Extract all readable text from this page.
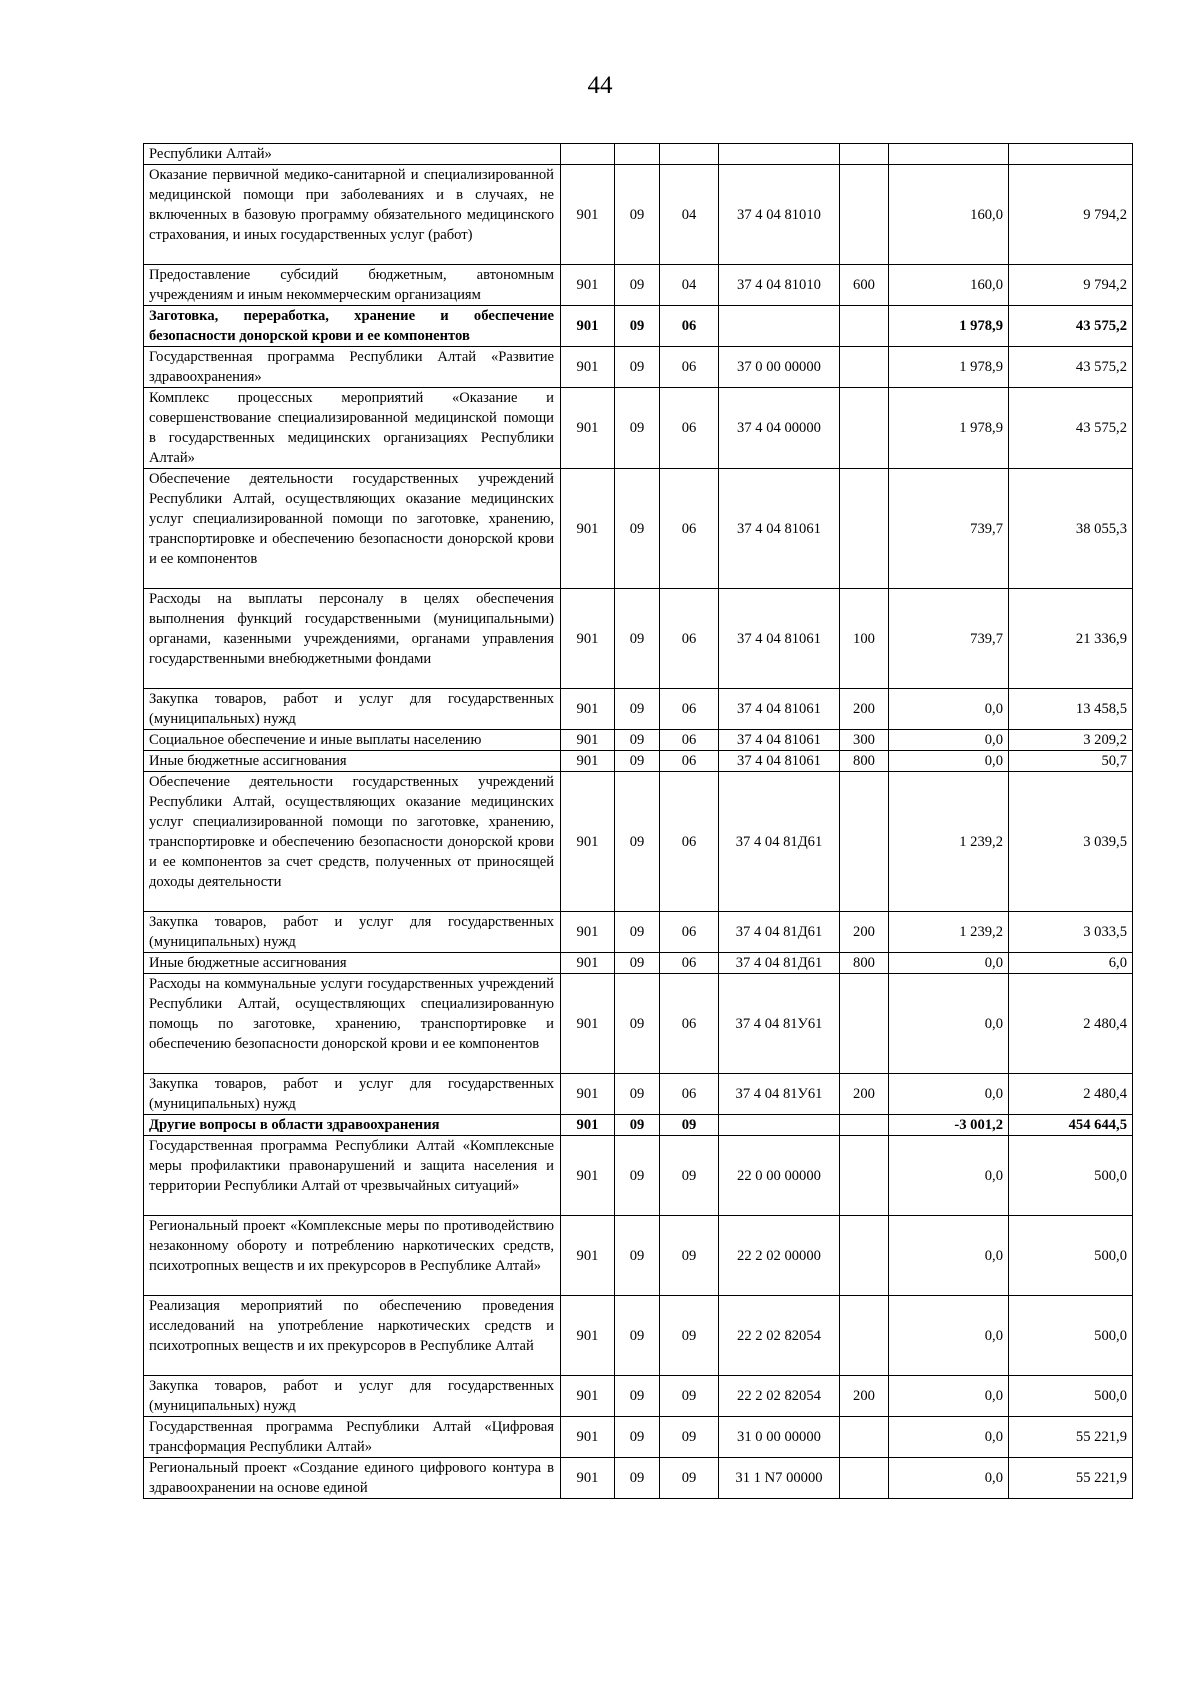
44
Республики Алтай»							
Оказание первичной медико-санитарной и специализированной медицинской помощи при заболеваниях и в случаях, не включенных в базовую программу обязательного медицинского страхования, и иных государственных услуг (работ)	901	09	04	37 4 04 81010		160,0	9 794,2
Предоставление субсидий бюджетным, автономным учреждениям и иным некоммерческим организациям	901	09	04	37 4 04 81010	600	160,0	9 794,2
Заготовка, переработка, хранение и обеспечение безопасности донорской крови и ее компонентов	901	09	06			1 978,9	43 575,2
Государственная программа Республики Алтай «Развитие здравоохранения»	901	09	06	37 0 00 00000		1 978,9	43 575,2
Комплекс процессных мероприятий «Оказание и совершенствование специализированной медицинской помощи в государственных медицинских организациях Республики Алтай»	901	09	06	37 4 04 00000		1 978,9	43 575,2
Обеспечение деятельности государственных учреждений Республики Алтай, осуществляющих оказание медицинских услуг специализированной помощи по заготовке, хранению, транспортировке и обеспечению безопасности донорской крови и ее компонентов	901	09	06	37 4 04 81061		739,7	38 055,3
Расходы на выплаты персоналу в целях обеспечения выполнения функций государственными (муниципальными) органами, казенными учреждениями, органами управления государственными внебюджетными фондами	901	09	06	37 4 04 81061	100	739,7	21 336,9
Закупка товаров, работ и услуг для государственных (муниципальных) нужд	901	09	06	37 4 04 81061	200	0,0	13 458,5
Социальное обеспечение и иные выплаты населению	901	09	06	37 4 04 81061	300	0,0	3 209,2
Иные бюджетные ассигнования	901	09	06	37 4 04 81061	800	0,0	50,7
Обеспечение деятельности государственных учреждений Республики Алтай, осуществляющих оказание медицинских услуг специализированной помощи по заготовке, хранению, транспортировке и обеспечению безопасности донорской крови и ее компонентов за счет средств, полученных от приносящей доходы деятельности	901	09	06	37 4 04 81Д61		1 239,2	3 039,5
Закупка товаров, работ и услуг для государственных (муниципальных) нужд	901	09	06	37 4 04 81Д61	200	1 239,2	3 033,5
Иные бюджетные ассигнования	901	09	06	37 4 04 81Д61	800	0,0	6,0
Расходы на коммунальные услуги государственных учреждений Республики Алтай, осуществляющих специализированную помощь по заготовке, хранению, транспортировке и обеспечению безопасности донорской крови и ее компонентов	901	09	06	37 4 04 81У61		0,0	2 480,4
Закупка товаров, работ и услуг для государственных (муниципальных) нужд	901	09	06	37 4 04 81У61	200	0,0	2 480,4
Другие вопросы в области здравоохранения	901	09	09			-3 001,2	454 644,5
Государственная программа Республики Алтай «Комплексные меры профилактики правонарушений и защита населения и территории Республики Алтай от чрезвычайных ситуаций»	901	09	09	22 0 00 00000		0,0	500,0
Региональный проект «Комплексные меры по противодействию незаконному обороту и потреблению наркотических средств, психотропных веществ и их прекурсоров в Республике Алтай»	901	09	09	22 2 02 00000		0,0	500,0
Реализация мероприятий по обеспечению проведения исследований на употребление наркотических средств и психотропных веществ и их прекурсоров в Республике Алтай	901	09	09	22 2 02 82054		0,0	500,0
Закупка товаров, работ и услуг для государственных (муниципальных) нужд	901	09	09	22 2 02 82054	200	0,0	500,0
Государственная программа Республики Алтай «Цифровая трансформация Республики Алтай»	901	09	09	31 0 00 00000		0,0	55 221,9
Региональный проект «Создание единого цифрового контура в здравоохранении на основе единой	901	09	09	31 1 N7 00000		0,0	55 221,9
